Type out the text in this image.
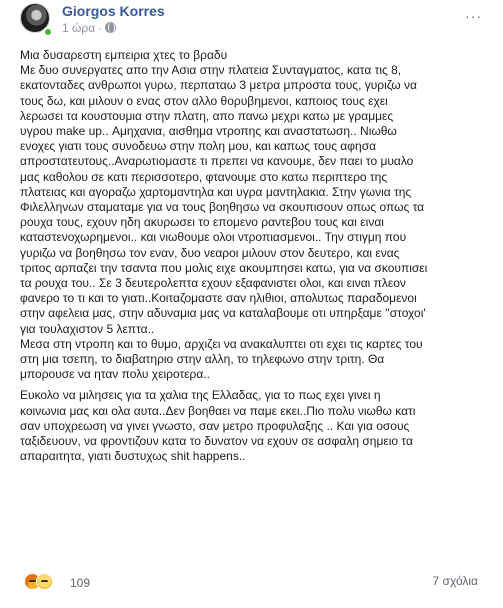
Giorgos Korres
1 ώρα ·
···

Μια δυσαρεστη εμπειρια χτες το βραδυ
Με δυο συνεργατες απο την Ασια στην πλατεια Συνταγματος, κατα τις 8,
εκατονταδες ανθρωποι γυρω, περπαταω 3 μετρα μπροστα τους, γυριζω να
τους δω, και μιλουν ο ενας στον αλλο θορυβημενοι, καποιος τους εχει
λερωσει τα κουστουμια στην πλατη, απο πανω μεχρι κατω με γραμμες
υγρου make up.. Αμηχανια, αισθημα ντροπης και αναστατωση.. Νιωθω
ενοχες γιατι τους συνοδευω στην πολη μου, και καπως τους αφησα
απροστατευτους..Αναρωτιομαστε τι πρεπει να κανουμε, δεν παει το μυαλο
μας καθολου σε κατι περισσοτερο, φτανουμε στο κατω περιπτερο της
πλατειας και αγοραζω χαρτομαντηλα και υγρα μαντηλακια. Στην γωνια της
Φιλελληνων σταματαμε για να τους βοηθησω να σκουπισουν οπως οπως τα
ρουχα τους, εχουν ηδη ακυρωσει το επομενο ραντεβου τους και ειναι
καταστενοχωρημενοι.. και νιωθουμε ολοι ντροπιασμενοι.. Την στιγμη που
γυριζω να βοηθησω τον εναν, δυο νεαροι μιλουν στον δευτερο, και ενας
τριτος αρπαζει την τσαντα που μολις ειχε ακουμπησει κατω, για να σκουπισει
τα ρουχα του.. Σε 3 δευτερολεπτα εχουν εξαφανιστει ολοι, και ειναι πλεον
φανερο το τι και το γιατι..Κοιταζομαστε σαν ηλιθιοι, απολυτως παραδομενοι
στην αφελεια μας, στην αδυναμια μας να καταλαβουμε οτι υπηρξαμε ''στοχοι'
για τουλαχιστον 5 λεπτα..
Μεσα στη ντροπη και το θυμο, αρχιζει να ανακαλυπτει οτι εχει τις καρτες του
στη μια τσεπη, το διαβατηριο στην αλλη, το τηλεφωνο στην τριτη. Θα
μπορουσε να ηταν πολυ χειροτερα..

Ευκολο να μιλησεις για τα χαλια της Ελλαδας, για το πως εχει γινει η
κοινωνια μας και ολα αυτα..Δεν βοηθαει να παμε εκει..Πιο πολυ νιωθω κατι
σαν υποχρεωση να γινει γνωστο, σαν μετρο προφυλαξης .. Και για οσους
ταξιδευουν, να φροντιζουν κατα το δυνατον να εχουν σε ασφαλη σημειο τα
απαραιτητα, γιατι δυστυχως shit happens..

109	7 σχόλια
